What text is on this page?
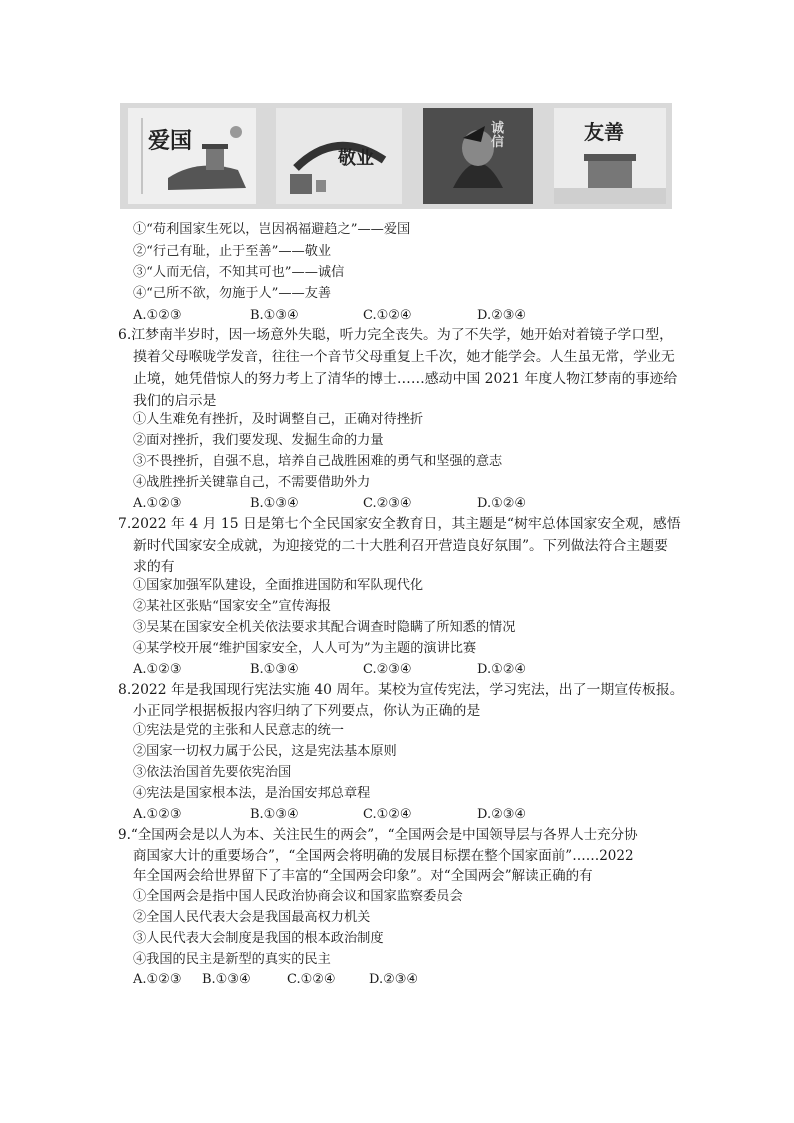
爱国
敬业
诚信	友善
①“苟利国家生死以，岂因祸福避趋之”——爱国
②“行己有耻，止于至善”——敬业
③“人而无信，不知其可也”——诚信
④“己所不欲，勿施于人”——友善
A.①②③	B.①③④	C.①②④	D.②③④
6.江梦南半岁时，因一场意外失聪，听力完全丧失。为了不失学，她开始对着镜子学口型，
摸着父母喉咙学发音，往往一个音节父母重复上千次，她才能学会。人生虽无常，学业无
止境，她凭借惊人的努力考上了清华的博士……感动中国 2021 年度人物江梦南的事迹给
我们的启示是
①人生难免有挫折，及时调整自己，正确对待挫折
②面对挫折，我们要发现、发掘生命的力量
③不畏挫折，自强不息，培养自己战胜困难的勇气和坚强的意志
④战胜挫折关键靠自己，不需要借助外力
A.①②③	B.①③④	C.②③④	D.①②④
7.2022 年 4 月 15 日是第七个全民国家安全教育日，其主题是“树牢总体国家安全观，感悟
新时代国家安全成就，为迎接党的二十大胜利召开营造良好氛围”。下列做法符合主题要
求的有
①国家加强军队建设，全面推进国防和军队现代化
②某社区张贴“国家安全”宣传海报
③吴某在国家安全机关依法要求其配合调查时隐瞒了所知悉的情况
④某学校开展“维护国家安全，人人可为”为主题的演讲比赛
A.①②③	B.①③④	C.②③④	D.①②④
8.2022 年是我国现行宪法实施 40 周年。某校为宣传宪法，学习宪法，出了一期宣传板报。
小正同学根据板报内容归纳了下列要点，你认为正确的是
①宪法是党的主张和人民意志的统一
②国家一切权力属于公民，这是宪法基本原则
③依法治国首先要依宪治国
④宪法是国家根本法，是治国安邦总章程
A.①②③	B.①③④	C.①②④	D.②③④
9.“全国两会是以人为本、关注民生的两会”，“全国两会是中国领导层与各界人士充分协
商国家大计的重要场合”，“全国两会将明确的发展目标摆在整个国家面前”……2022
年全国两会给世界留下了丰富的“全国两会印象”。对“全国两会”解读正确的有
①全国两会是指中国人民政治协商会议和国家监察委员会
②全国人民代表大会是我国最高权力机关
③人民代表大会制度是我国的根本政治制度
④我国的民主是新型的真实的民主
A.①②③ B.①③④	C.①②④	D.②③④
